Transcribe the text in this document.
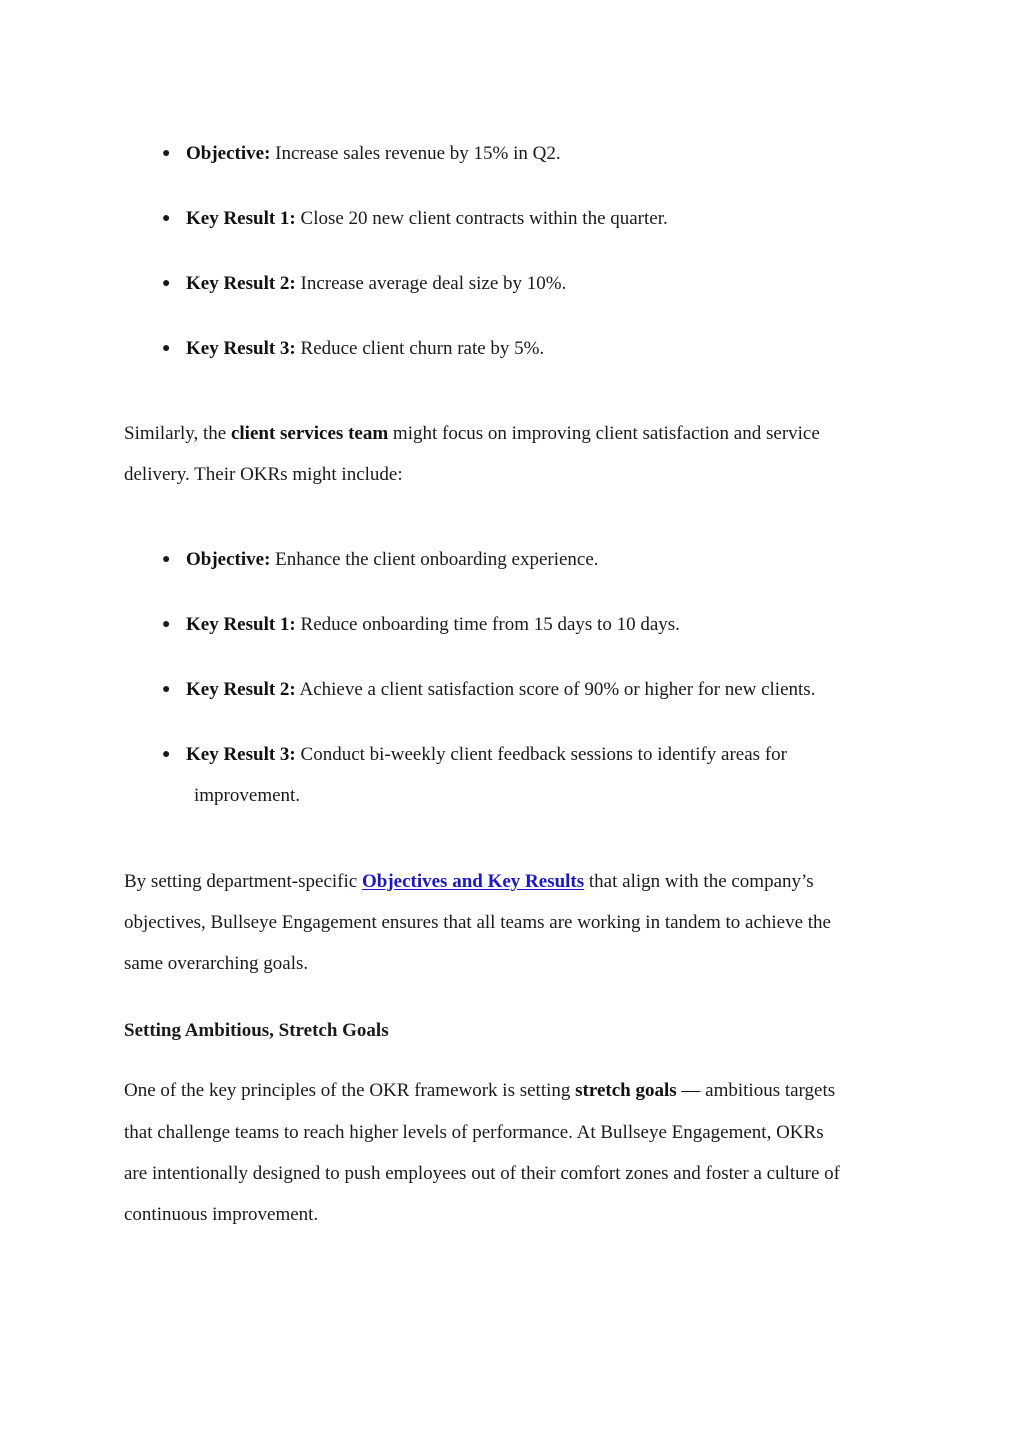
● Objective: Increase sales revenue by 15% in Q2.
● Key Result 1: Close 20 new client contracts within the quarter.
● Key Result 2: Increase average deal size by 10%.
● Key Result 3: Reduce client churn rate by 5%.
Similarly, the client services team might focus on improving client satisfaction and service
delivery. Their OKRs might include:
● Objective: Enhance the client onboarding experience.
● Key Result 1: Reduce onboarding time from 15 days to 10 days.
● Key Result 2: Achieve a client satisfaction score of 90% or higher for new clients.
● Key Result 3: Conduct bi-weekly client feedback sessions to identify areas for
improvement.
By setting department-specific Objectives and Key Results that align with the company’s
objectives, Bullseye Engagement ensures that all teams are working in tandem to achieve the
same overarching goals.
Setting Ambitious, Stretch Goals
One of the key principles of the OKR framework is setting stretch goals — ambitious targets
that challenge teams to reach higher levels of performance. At Bullseye Engagement, OKRs
are intentionally designed to push employees out of their comfort zones and foster a culture of
continuous improvement.
